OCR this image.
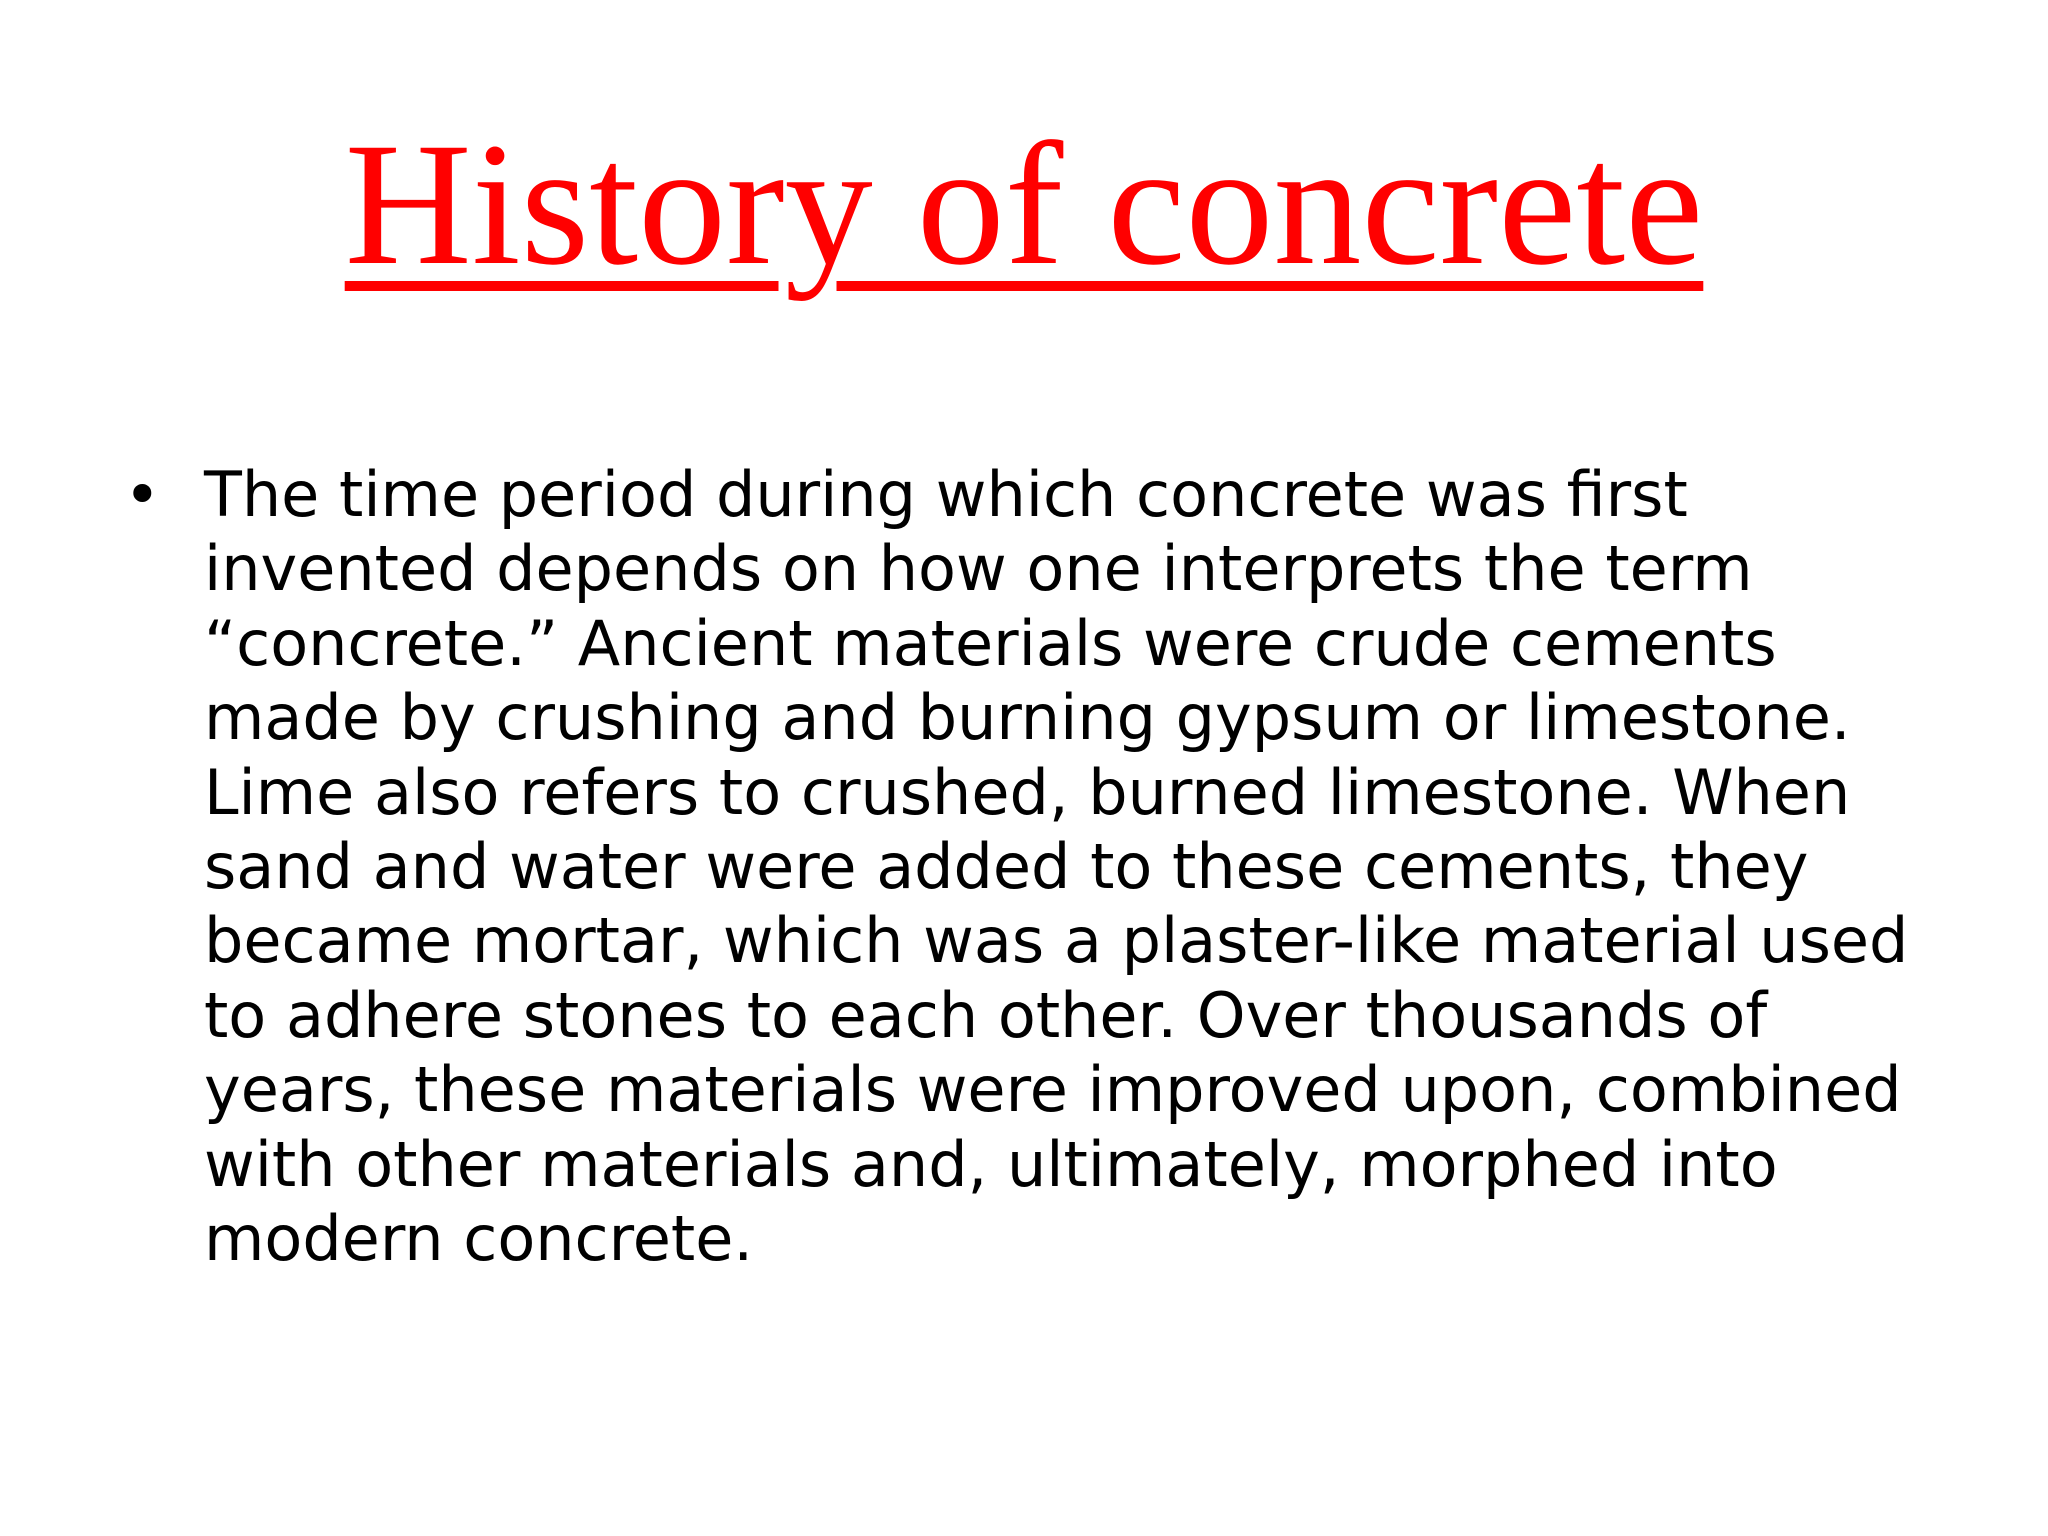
History of concrete
• The time period during which concrete was first
invented depends on how one interprets the term
“concrete.” Ancient materials were crude cements
made by crushing and burning gypsum or limestone.
Lime also refers to crushed, burned limestone. When
sand and water were added to these cements, they
became mortar, which was a plaster-like material used
to adhere stones to each other. Over thousands of
years, these materials were improved upon, combined
with other materials and, ultimately, morphed into
modern concrete.
